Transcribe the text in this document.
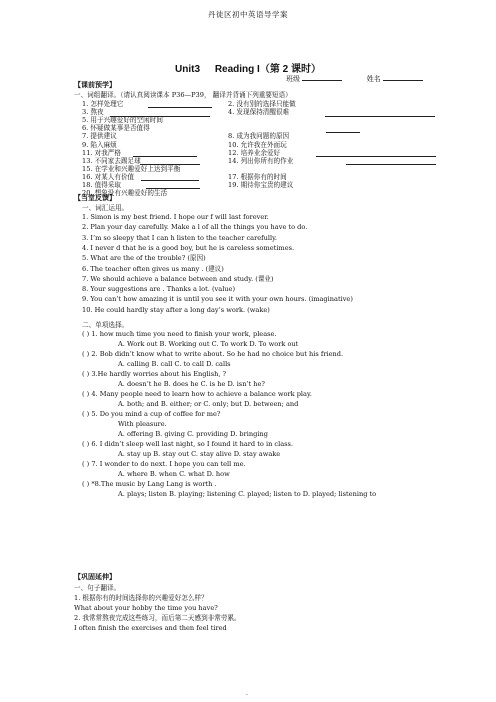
丹徒区初中英语导学案
Unit3 Reading I（第 2 课时）
班级	姓名
【课前预学】
一、词组翻译。（请认真阅读课本 P36—P39， 翻译并背诵下列重要短语）
1. 怎样处理它	2. 没有别的选择只能做
3. 熬夜	4. 发现保持清醒很难
5. 用于兴趣爱好的空闲时间
6. 怀疑做某事是否值得
7. 提供建议	8. 成为我问题的原因
9. 陷入麻烦	10. 允许我在外面玩
11. 对我严格	12. 培养业余爱好
13. 不同家去踢足球	14. 列出你所有的作业
15. 在学业和兴趣爱好上达到平衡
16. 对某人有价值	17. 根据你有的时间
18. 值得采取	19. 期待你宝贵的建议
20. 想象没有兴趣爱好的生活
【当堂反馈】
一、词汇运用。
1. Simon is my best friend. I hope our f will last forever.
2. Plan your day carefully. Make a l of all the things you have to do.
3. I’m so sleepy that I can h listen to the teacher carefully.
4. I never d that he is a good boy, but he is careless sometimes.
5. What are the of the trouble? (原因)
6. The teacher often gives us many . (建议)
7. We should achieve a balance between and study. (课业)
8. Your suggestions are . Thanks a lot. (value)
9. You can’t how amazing it is until you see it with your own hours. (imaginative)
10. He could hardly stay after a long day’s work. (wake)
二、单项选择。
( ) 1. how much time you need to finish your work, please.
A. Work out B. Working out C. To work D. To work out
( ) 2. Bob didn’t know what to write about. So he had no choice but his friend.
A. calling B. call C. to call D. calls
( ) 3.He hardly worries about his English, ?
A. doesn’t he B. does he C. is he D. isn’t he?
( ) 4. Many people need to learn how to achieve a balance work play.
A. both; and B. either; or C. only; but D. between; and
( ) 5. Do you mind a cup of coffee for me?
With pleasure.
A. offering B. giving C. providing D. bringing
( ) 6. I didn’t sleep well last night, so I found it hard to in class.
A. stay up B. stay out C. stay alive D. stay awake
( ) 7. I wonder to do next. I hope you can tell me.
A. where B. when C. what D. how
( ) *8.The music by Lang Lang is worth .
A. plays; listen B. playing; listening C. played; listen to D. played; listening to
【巩固延伸】
一、句子翻译。
1. 根据你有的时间选择你的兴趣爱好怎么样？
What about your hobby the time you have?
2. 我常常熬夜完成这些练习，而后第二天感到非常劳累。
I often finish the exercises and then feel tired
.
